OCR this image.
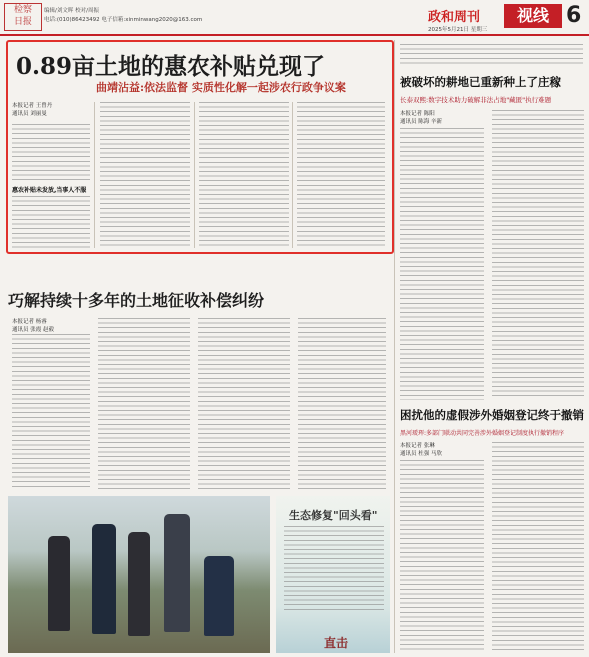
检察
日报
编辑/刘文晖 校对/周振
电话:(010)86423492 电子信箱:xinminwang2020@163.com	政和周刊	视线 6
2025年5月21日 星期三
0.89亩土地的惠农补贴兑现了
曲靖沾益:依法监督 实质性化解一起涉农行政争议案
本报记者 王曾丹
通讯员 刘丽曼
惠农补贴未发放,当事人不服
巧解持续十多年的土地征收补偿纠纷
本报记者 杨睿
通讯员 张霞 赵毅
生态修复"回头看"
直击
被破坏的耕地已重新种上了庄稼
长泰双熙:数字技术助力破解非法占地"藏匿"执行难题
本报记者 陈阳
通讯员 陈海 辛新
困扰他的虚假涉外婚姻登记终于撤销
黑河瑷珲:多部门联动共同完善涉外婚姻登记制度执行撤销程序
本报记者 张琳
通讯员 杜强 马欣
